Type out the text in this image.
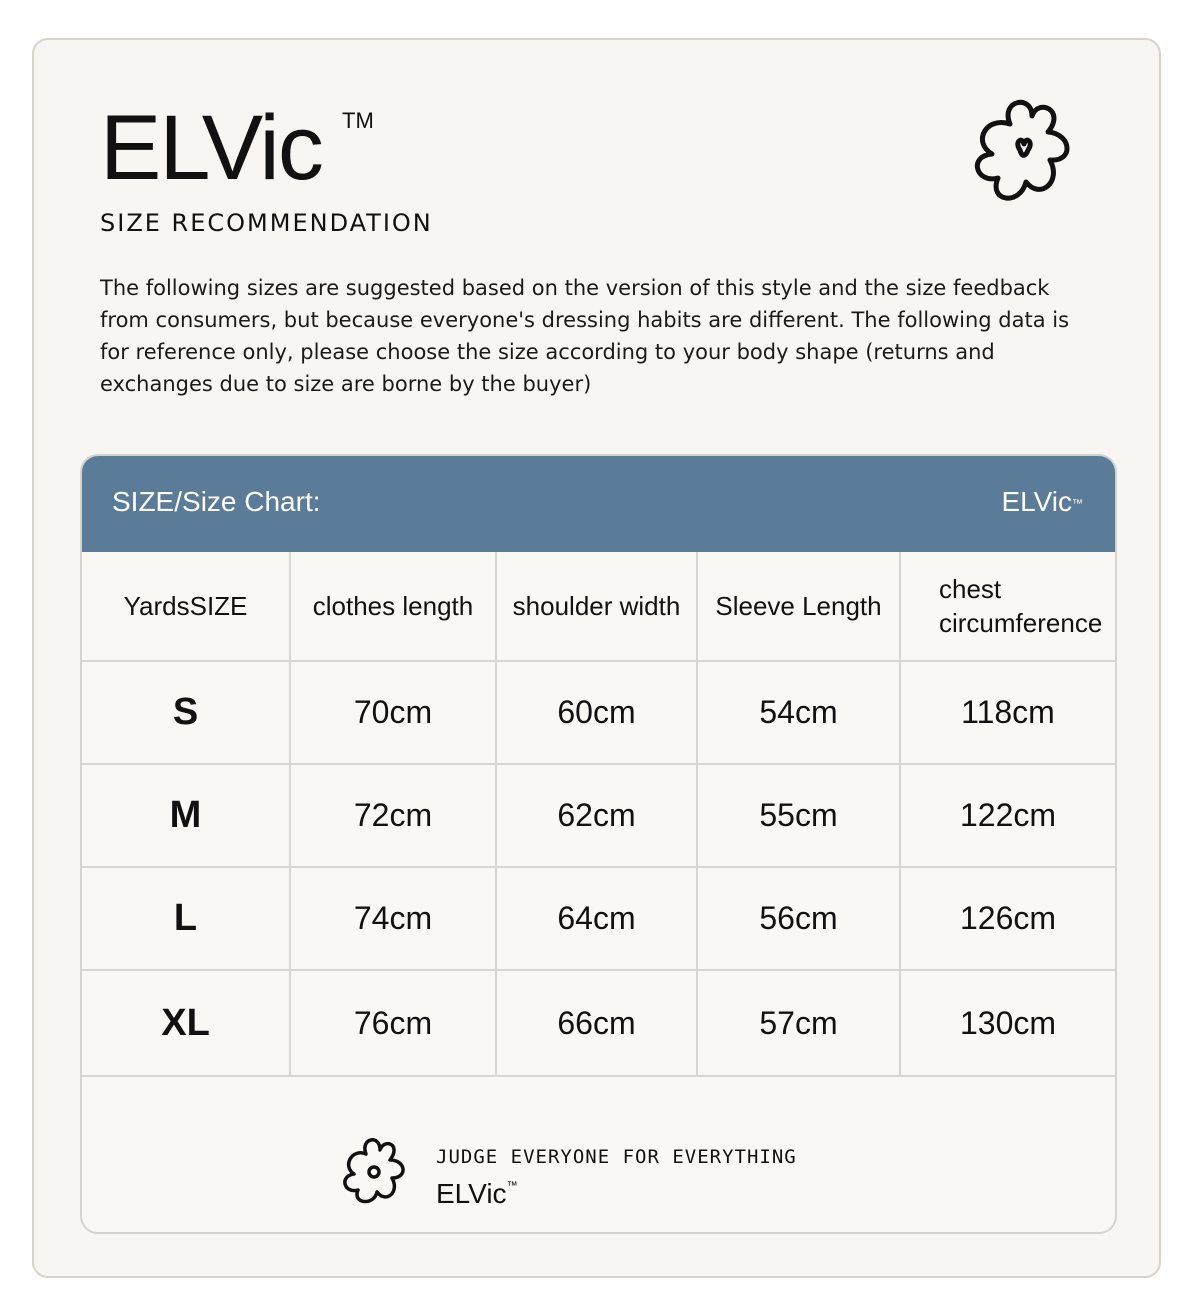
ELVic TM
SIZE RECOMMENDATION
The following sizes are suggested based on the version of this style and the size feedback from consumers, but because everyone's dressing habits are different. The following data is for reference only, please choose the size according to your body shape (returns and exchanges due to size are borne by the buyer)
SIZE/Size Chart:	ELVic™
YardsSIZE	clothes length	shoulder width	Sleeve Length	chest circumference
S	70cm	60cm	54cm	118cm
M	72cm	62cm	55cm	122cm
L	74cm	64cm	56cm	126cm
XL	76cm	66cm	57cm	130cm
JUDGE EVERYONE FOR EVERYTHING
ELVic™
